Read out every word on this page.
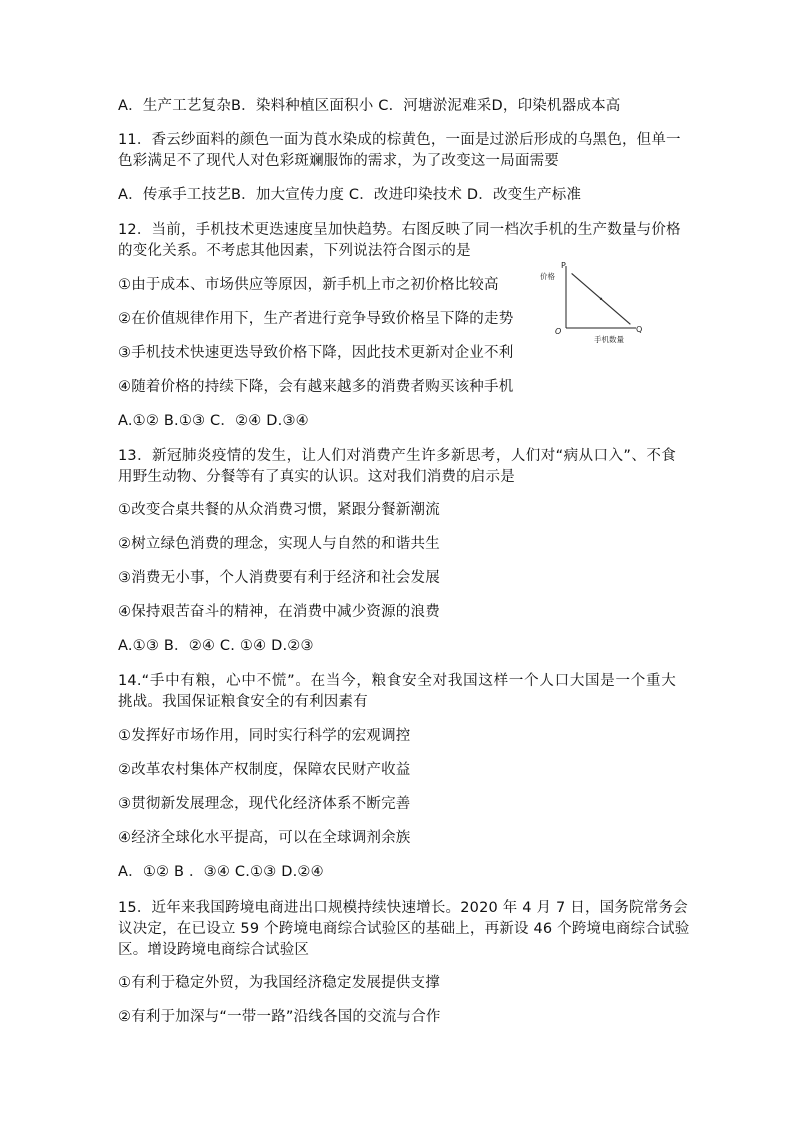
A．生产工艺复杂B．染料种植区面积小 C．河塘淤泥难采D，印染机器成本高
11．香云纱面料的颜色一面为莨水染成的棕黄色，一面是过淤后形成的乌黑色，但单一
色彩满足不了现代人对色彩斑斓服饰的需求，为了改变这一局面需要
A．传承手工技艺B．加大宣传力度 C．改进印染技术 D．改变生产标准
12．当前，手机技术更迭速度呈加快趋势。右图反映了同一档次手机的生产数量与价格
的变化关系。不考虑其他因素，下列说法符合图示的是
①由于成本、市场供应等原因，新手机上市之初价格比较高
②在价值规律作用下，生产者进行竞争导致价格呈下降的走势
③手机技术快速更迭导致价格下降，因此技术更新对企业不利
④随着价格的持续下降，会有越来越多的消费者购买该种手机
A.①② B.①③ C．②④ D.③④
P
价格
O	Q
手机数量
13．新冠肺炎疫情的发生，让人们对消费产生许多新思考，人们对“病从口入”、不食
用野生动物、分餐等有了真实的认识。这对我们消费的启示是
①改变合桌共餐的从众消费习惯，紧跟分餐新潮流
②树立绿色消费的理念，实现人与自然的和谐共生
③消费无小事，个人消费要有利于经济和社会发展
④保持艰苦奋斗的精神，在消费中减少资源的浪费
A.①③ B．②④ C. ①④ D.②③
14.“手中有粮，心中不慌”。在当今，粮食安全对我国这样一个人口大国是一个重大
挑战。我国保证粮食安全的有利因素有
①发挥好市场作用，同时实行科学的宏观调控
②改革农村集体产权制度，保障农民财产收益
③贯彻新发展理念，现代化经济体系不断完善
④经济全球化水平提高，可以在全球调剂余族
A．①② B ．③④ C.①③ D.②④
15．近年来我国跨境电商进出口规模持续快速增长。2020 年 4 月 7 日，国务院常务会
议决定，在已设立 59 个跨境电商综合试验区的基础上，再新设 46 个跨境电商综合试验
区。增设跨境电商综合试验区
①有利于稳定外贸，为我国经济稳定发展提供支撑
②有利于加深与“一带一路”沿线各国的交流与合作
